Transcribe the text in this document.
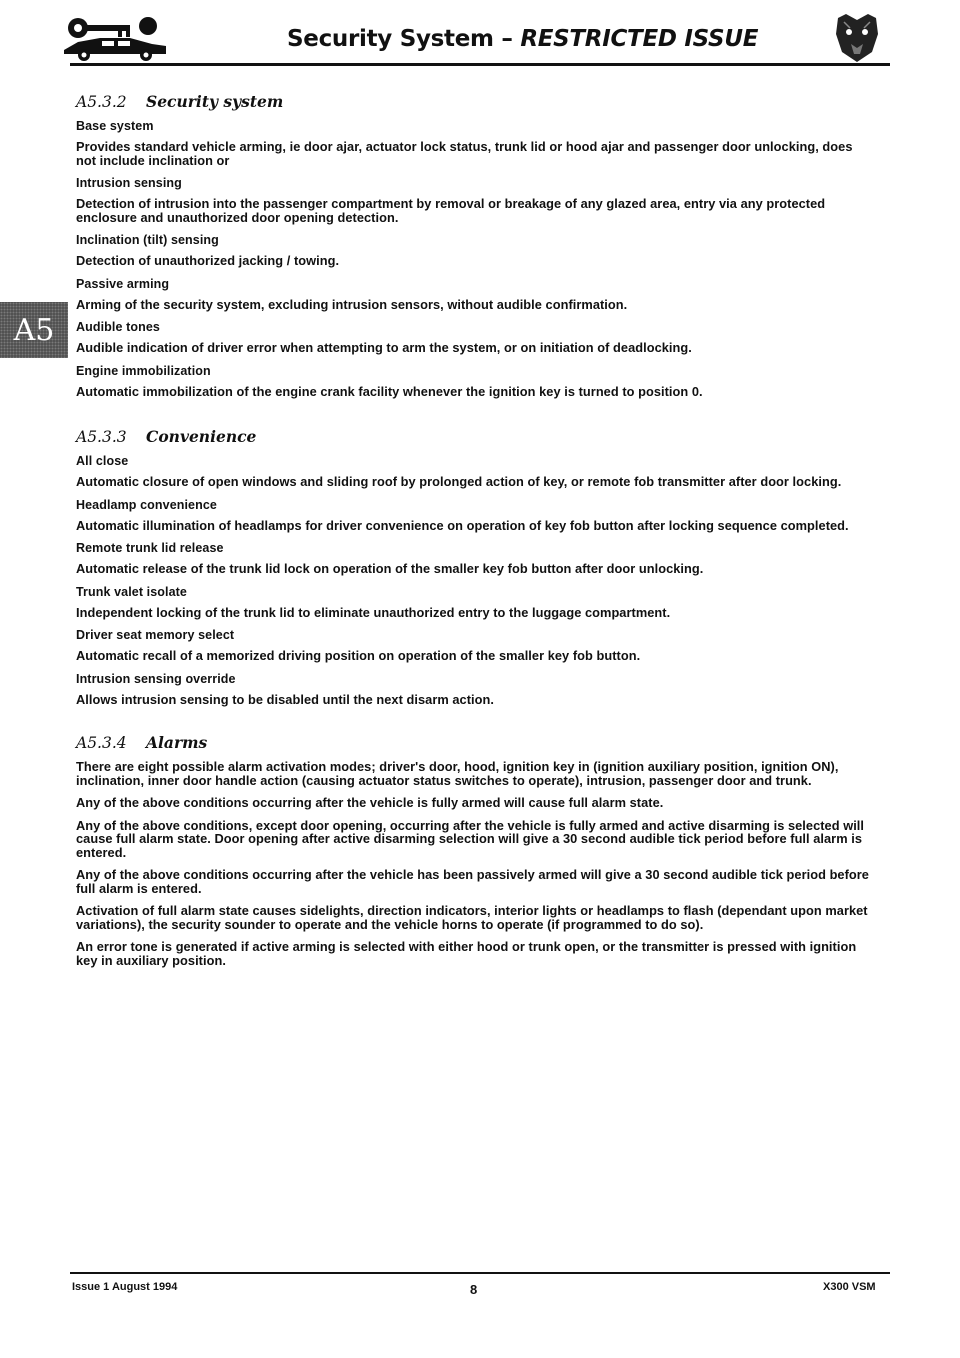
Security System – RESTRICTED ISSUE
A5
A5.3.2 Security system
Base system
Provides standard vehicle arming, ie door ajar, actuator lock status, trunk lid or hood ajar and passenger door unlocking, does not include inclination or
Intrusion sensing
Detection of intrusion into the passenger compartment by removal or breakage of any glazed area, entry via any protected enclosure and unauthorized door opening detection.
Inclination (tilt) sensing
Detection of unauthorized jacking / towing.
Passive arming
Arming of the security system, excluding intrusion sensors, without audible confirmation.
Audible tones
Audible indication of driver error when attempting to arm the system, or on initiation of deadlocking.
Engine immobilization
Automatic immobilization of the engine crank facility whenever the ignition key is turned to position 0.
A5.3.3 Convenience
All close
Automatic closure of open windows and sliding roof by prolonged action of key, or remote fob transmitter after door locking.
Headlamp convenience
Automatic illumination of headlamps for driver convenience on operation of key fob button after locking sequence completed.
Remote trunk lid release
Automatic release of the trunk lid lock on operation of the smaller key fob button after door unlocking.
Trunk valet isolate
Independent locking of the trunk lid to eliminate unauthorized entry to the luggage compartment.
Driver seat memory select
Automatic recall of a memorized driving position on operation of the smaller key fob button.
Intrusion sensing override
Allows intrusion sensing to be disabled until the next disarm action.
A5.3.4 Alarms
There are eight possible alarm activation modes; driver's door, hood, ignition key in (ignition auxiliary position, ignition ON), inclination, inner door handle action (causing actuator status switches to operate), intrusion, passenger door and trunk.
Any of the above conditions occurring after the vehicle is fully armed will cause full alarm state.
Any of the above conditions, except door opening, occurring after the vehicle is fully armed and active disarming is selected will cause full alarm state. Door opening after active disarming selection will give a 30 second audible tick period before full alarm is entered.
Any of the above conditions occurring after the vehicle has been passively armed will give a 30 second audible tick period before full alarm is entered.
Activation of full alarm state causes sidelights, direction indicators, interior lights or headlamps to flash (dependant upon market variations), the security sounder to operate and the vehicle horns to operate (if programmed to do so).
An error tone is generated if active arming is selected with either hood or trunk open, or the transmitter is pressed with ignition key in auxiliary position.
Issue 1 August 1994	8	X300 VSM
